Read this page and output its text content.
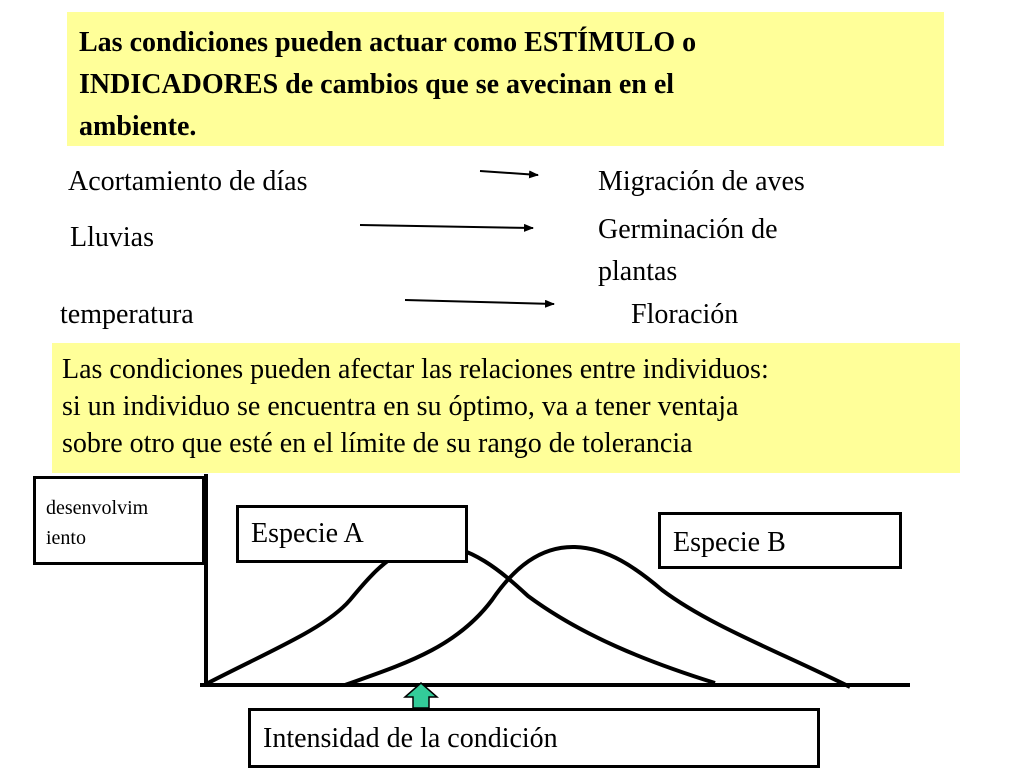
Las condiciones pueden actuar como ESTÍMULO o
INDICADORES de cambios que se avecinan en el
ambiente.
Acortamiento de días
Lluvias
temperatura
Migración de aves
Germinación de
plantas
Floración
Las condiciones pueden afectar las relaciones entre individuos:
si un individuo se encuentra en su óptimo, va a tener ventaja
sobre otro que esté en el límite de su rango de tolerancia
desenvolvim
iento	Especie A	Especie B
Intensidad de la condición
